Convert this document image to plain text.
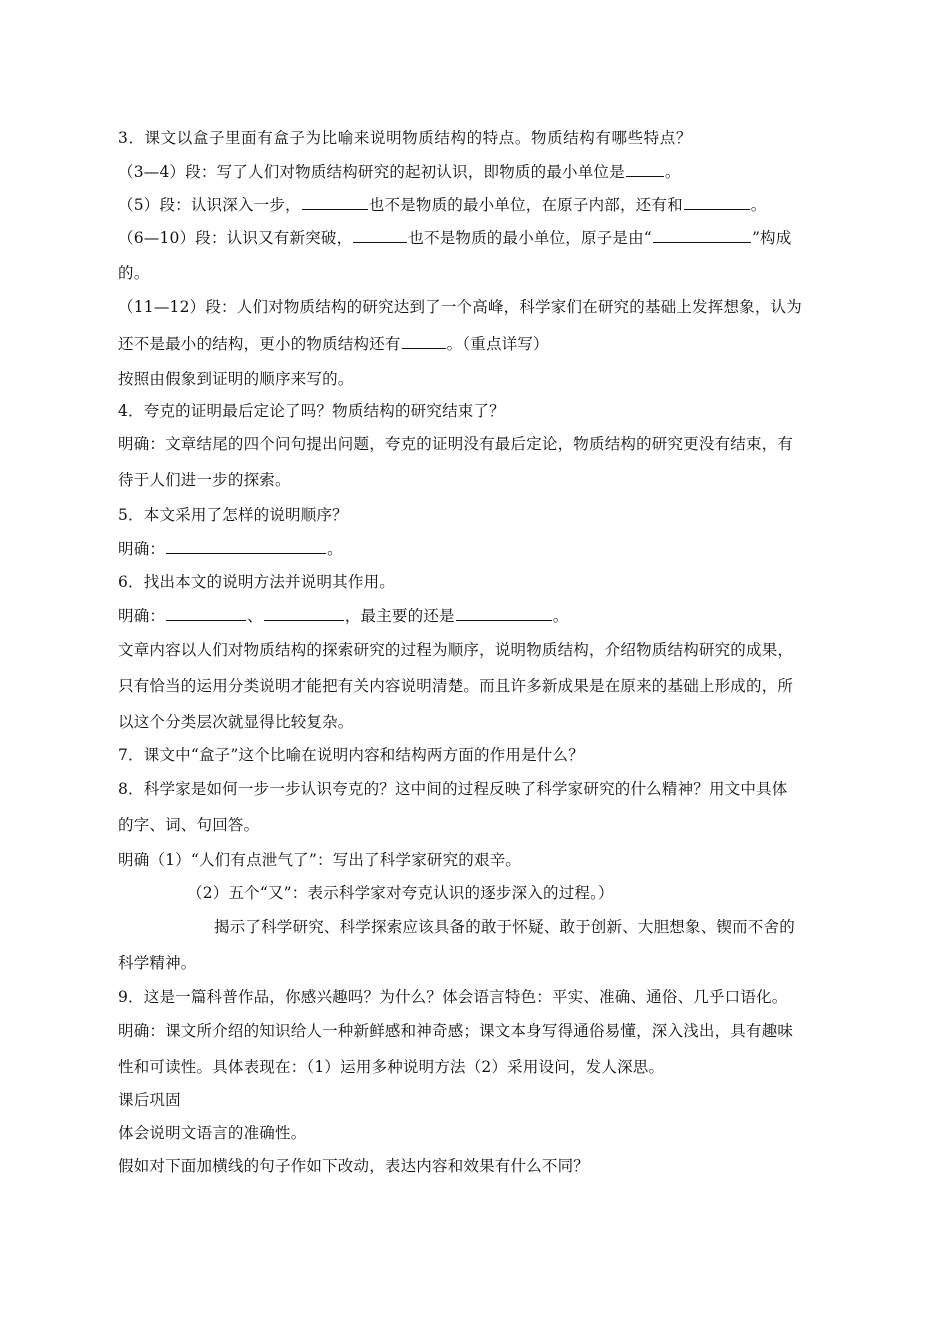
3．课文以盒子里面有盒子为比喻来说明物质结构的特点。物质结构有哪些特点？
（3—4）段：写了人们对物质结构研究的起初认识，即物质的最小单位是	。
（5）段：认识深入一步，	也不是物质的最小单位，在原子内部，还有和	。
（6—10）段：认识又有新突破，	也不是物质的最小单位，原子是由“	”构成
的。
（11—12）段：人们对物质结构的研究达到了一个高峰，科学家们在研究的基础上发挥想象，认为
还不是最小的结构，更小的物质结构还有	。（重点详写）
按照由假象到证明的顺序来写的。
4．夸克的证明最后定论了吗？物质结构的研究结束了？
明确：文章结尾的四个问句提出问题，夸克的证明没有最后定论，物质结构的研究更没有结束，有
待于人们进一步的探索。
5．本文采用了怎样的说明顺序？
明确：	。
6．找出本文的说明方法并说明其作用。
明确：	、	，最主要的还是	。
文章内容以人们对物质结构的探索研究的过程为顺序，说明物质结构，介绍物质结构研究的成果，
只有恰当的运用分类说明才能把有关内容说明清楚。而且许多新成果是在原来的基础上形成的，所
以这个分类层次就显得比较复杂。
7．课文中“盒子”这个比喻在说明内容和结构两方面的作用是什么？
8．科学家是如何一步一步认识夸克的？这中间的过程反映了科学家研究的什么精神？用文中具体
的字、词、句回答。
明确（1）“人们有点泄气了”：写出了科学家研究的艰辛。
（2）五个“又”：表示科学家对夸克认识的逐步深入的过程。）
揭示了科学研究、科学探索应该具备的敢于怀疑、敢于创新、大胆想象、锲而不舍的
科学精神。
9．这是一篇科普作品，你感兴趣吗？为什么？体会语言特色：平实、准确、通俗、几乎口语化。
明确：课文所介绍的知识给人一种新鲜感和神奇感；课文本身写得通俗易懂，深入浅出，具有趣味
性和可读性。具体表现在：（1）运用多种说明方法（2）采用设问，发人深思。
课后巩固
体会说明文语言的准确性。
假如对下面加横线的句子作如下改动，表达内容和效果有什么不同？
